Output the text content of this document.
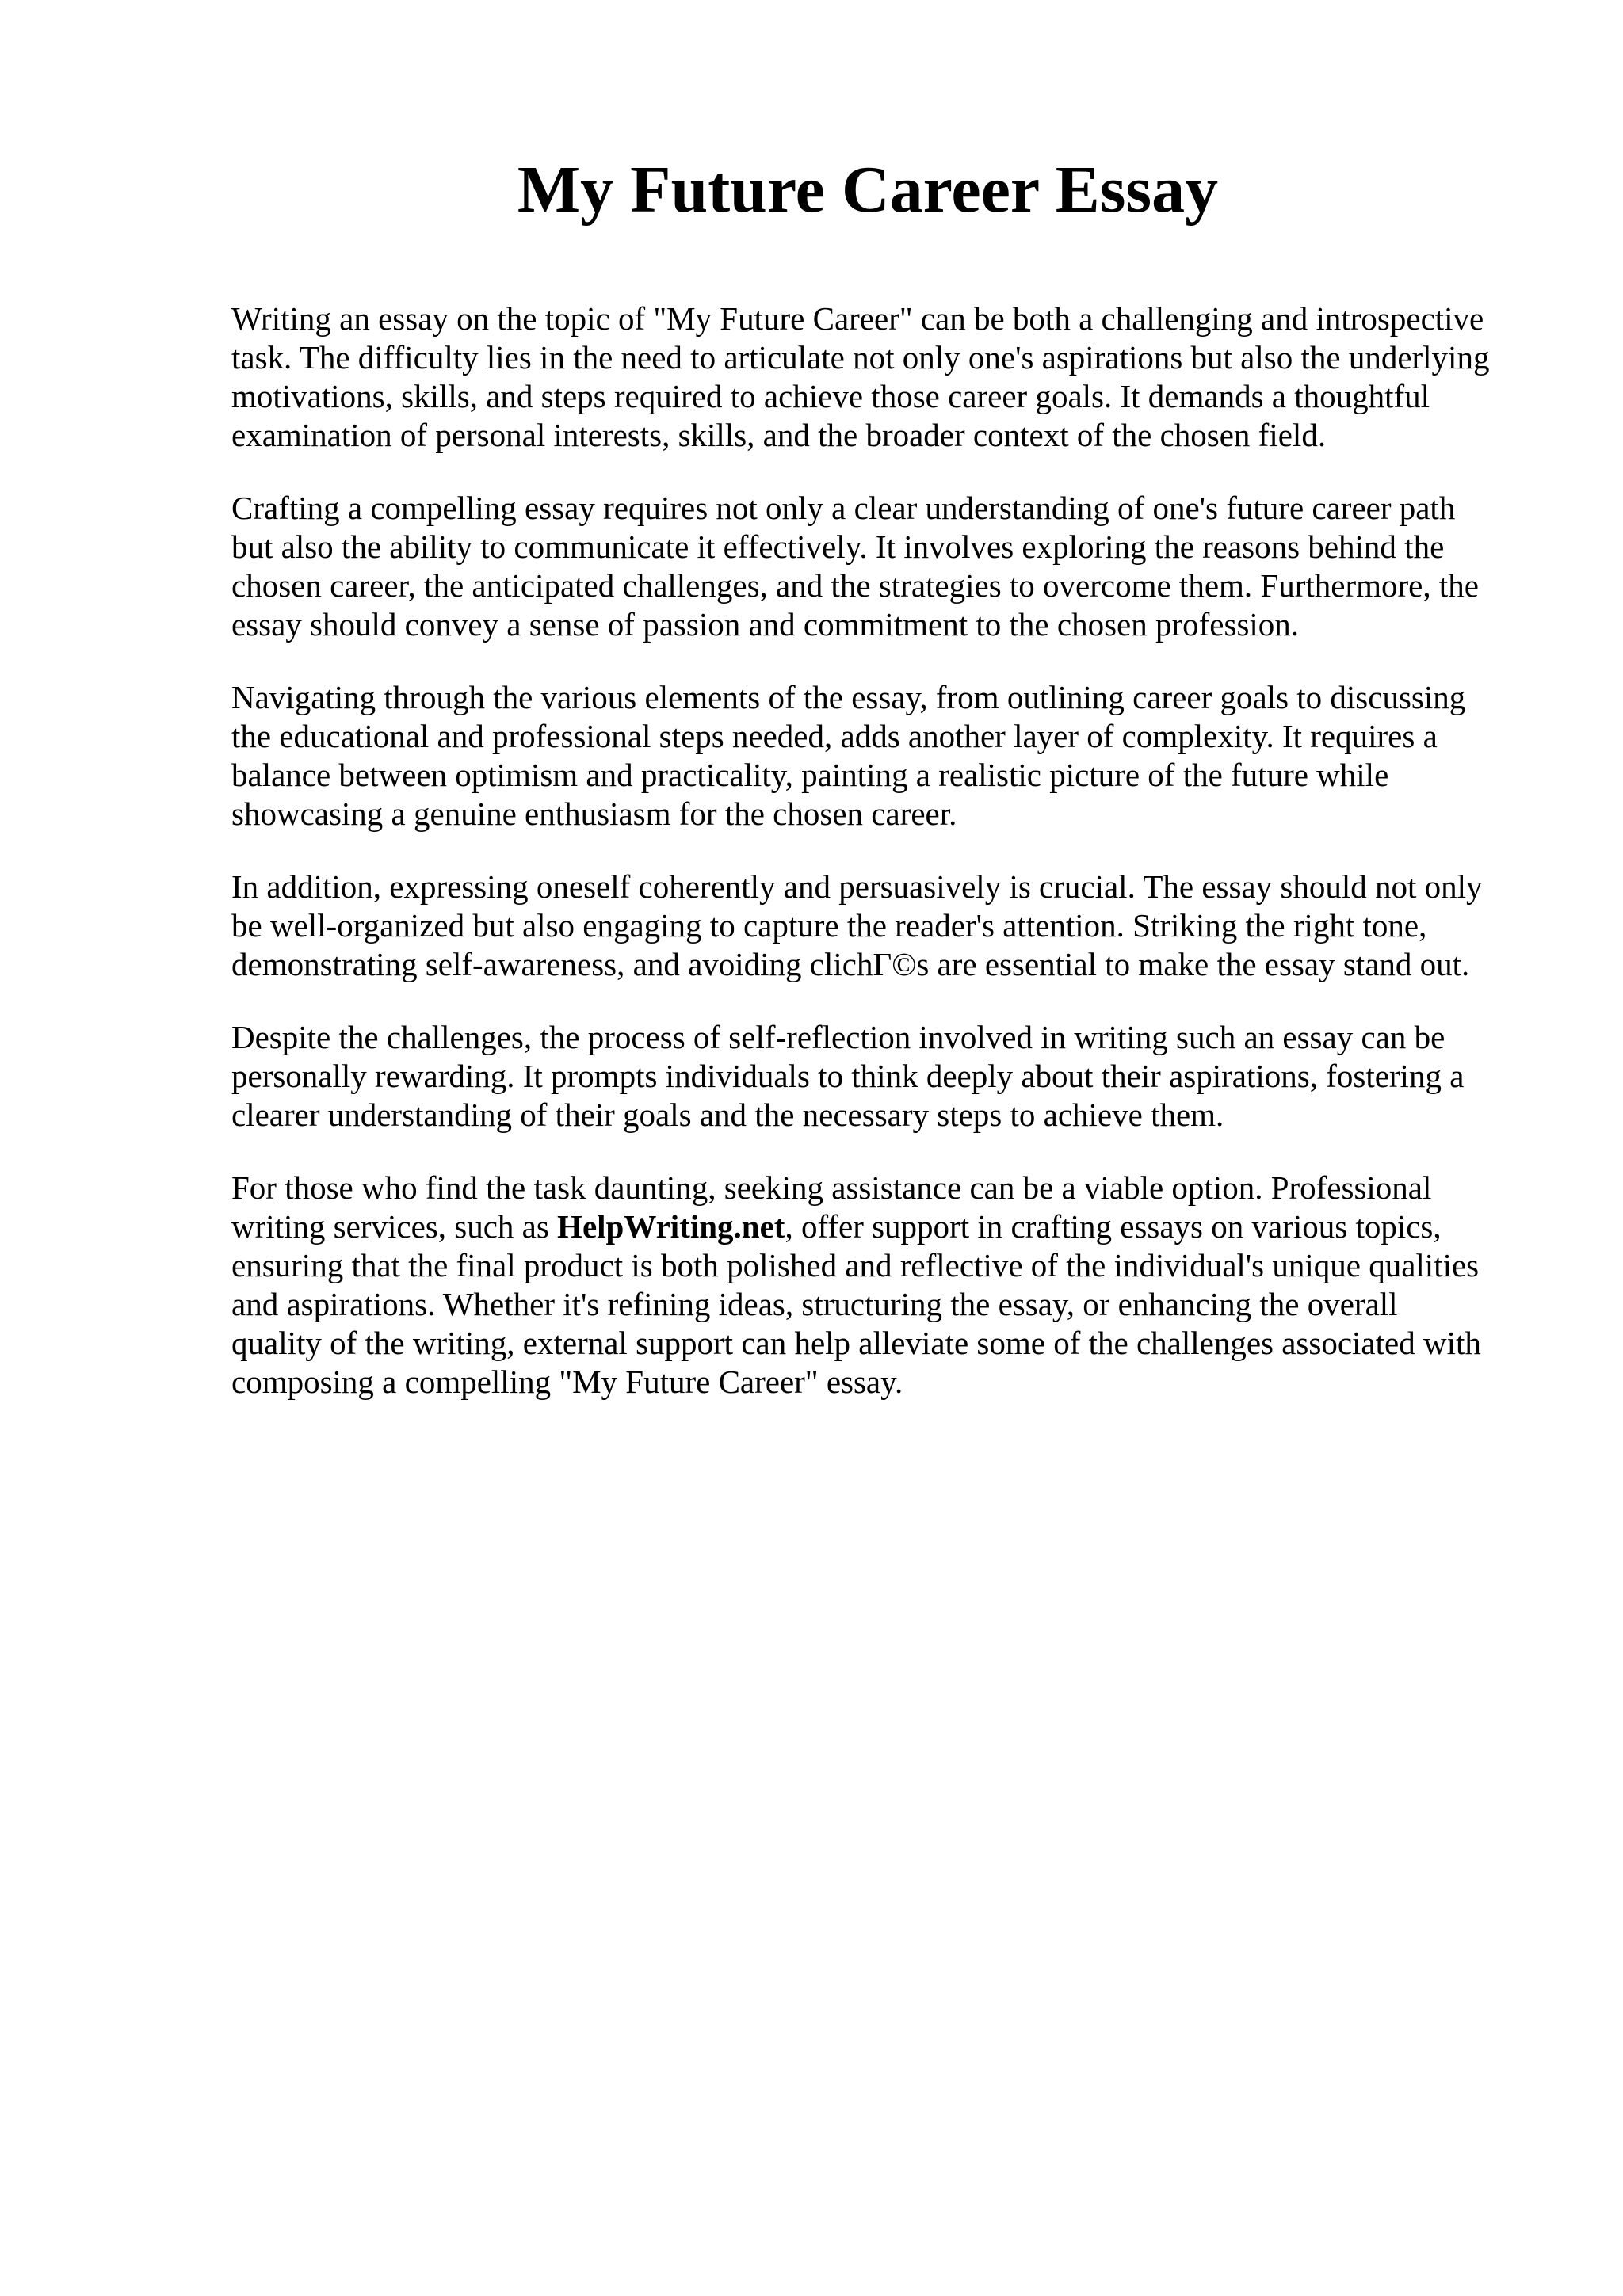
My Future Career Essay

Writing an essay on the topic of "My Future Career" can be both a challenging and introspective
task. The difficulty lies in the need to articulate not only one's aspirations but also the underlying
motivations, skills, and steps required to achieve those career goals. It demands a thoughtful
examination of personal interests, skills, and the broader context of the chosen field.

Crafting a compelling essay requires not only a clear understanding of one's future career path
but also the ability to communicate it effectively. It involves exploring the reasons behind the
chosen career, the anticipated challenges, and the strategies to overcome them. Furthermore, the
essay should convey a sense of passion and commitment to the chosen profession.

Navigating through the various elements of the essay, from outlining career goals to discussing
the educational and professional steps needed, adds another layer of complexity. It requires a
balance between optimism and practicality, painting a realistic picture of the future while
showcasing a genuine enthusiasm for the chosen career.

In addition, expressing oneself coherently and persuasively is crucial. The essay should not only
be well-organized but also engaging to capture the reader's attention. Striking the right tone,
demonstrating self-awareness, and avoiding clichГ©s are essential to make the essay stand out.

Despite the challenges, the process of self-reflection involved in writing such an essay can be
personally rewarding. It prompts individuals to think deeply about their aspirations, fostering a
clearer understanding of their goals and the necessary steps to achieve them.

For those who find the task daunting, seeking assistance can be a viable option. Professional
writing services, such as HelpWriting.net, offer support in crafting essays on various topics,
ensuring that the final product is both polished and reflective of the individual's unique qualities
and aspirations. Whether it's refining ideas, structuring the essay, or enhancing the overall
quality of the writing, external support can help alleviate some of the challenges associated with
composing a compelling "My Future Career" essay.
